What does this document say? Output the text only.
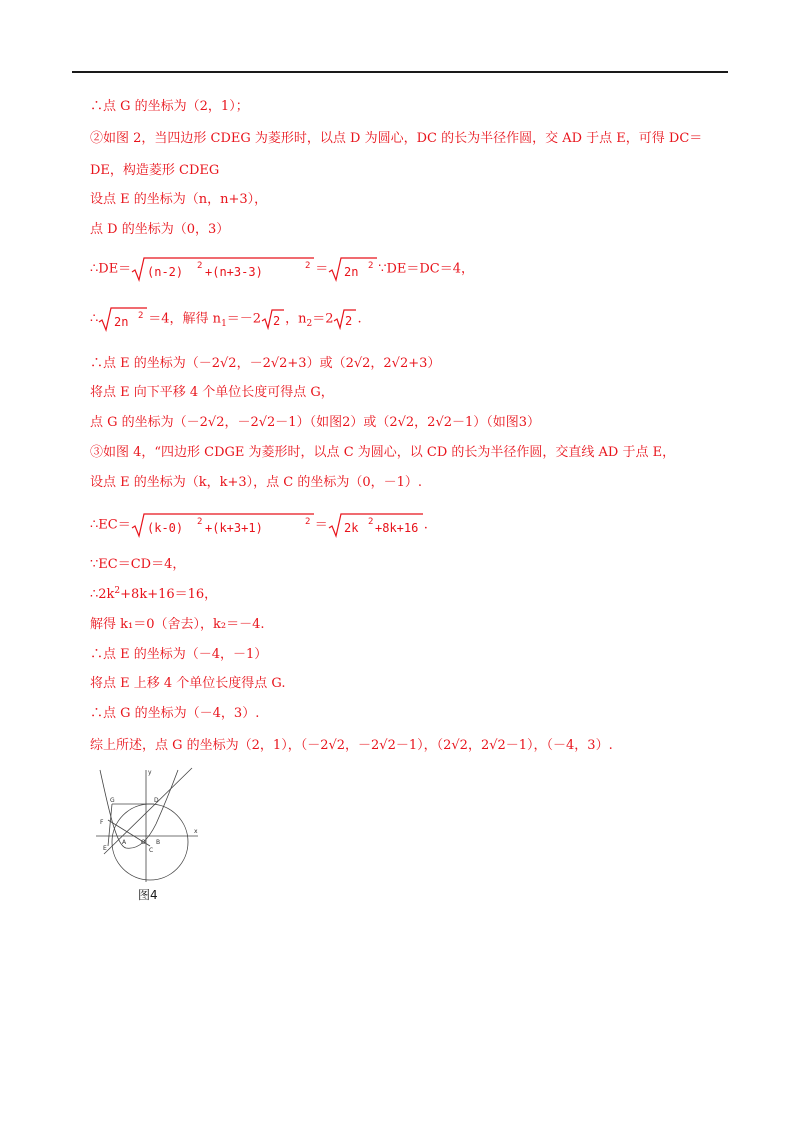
∴点 G 的坐标为（2，1）；
②如图 2，当四边形 CDEG 为菱形时，以点 D 为圆心，DC 的长为半径作圆，交 AD 于点 E，可得 DC＝
DE，构造菱形 CDEG
设点 E 的坐标为（n，n+3），
点 D 的坐标为（0，3）
∴DE＝ (n-2) 2 +(n+3-3)	2 ＝ 2n 2 ∵DE＝DC＝4，
∴ 2n 2 ＝4，解得 $n_1=-2$ 2 ，$n_2=2$ 2 .
∴点 E 的坐标为（－2√2，－2√2+3）或（2√2，2√2+3）
将点 E 向下平移 4 个单位长度可得点 G，
点 G 的坐标为（－2√2，－2√2－1）（如图2）或（2√2，2√2－1）（如图3）
③如图 4，“四边形 CDGE 为菱形时，以点 C 为圆心，以 CD 的长为半径作圆，交直线 AD 于点 E，
设点 E 的坐标为（k，k+3），点 C 的坐标为（0，－1）.
∴EC＝ (k-0) 2 +(k+3+1)	2 ＝ 2k 2 +8k+16 .
∵EC＝CD＝4，
$\therefore 2k^2+8k+16=16$，
解得 k₁＝0（舍去），k₂＝－4.
∴点 E 的坐标为（－4，－1）
将点 E 上移 4 个单位长度得点 G.
∴点 G 的坐标为（－4，3）.
综上所述，点 G 的坐标为（2，1），（－2√2，－2√2－1），（2√2，2√2－1），（－4，3）.
y
x
D
G
F
E
A O B
C
图4
